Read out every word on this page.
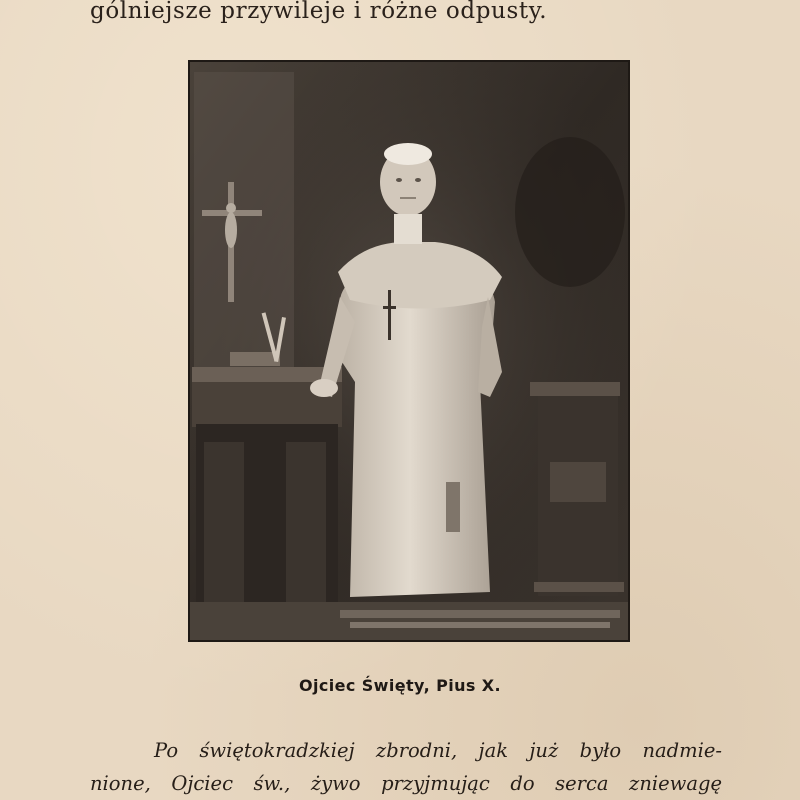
gólniejsze przywileje i różne odpusty.
Ojciec Święty, Pius X.
Po świętokradzkiej zbrodni, jak już było nadmie-
nione, Ojciec św., żywo przyjmując do serca zniewagę
